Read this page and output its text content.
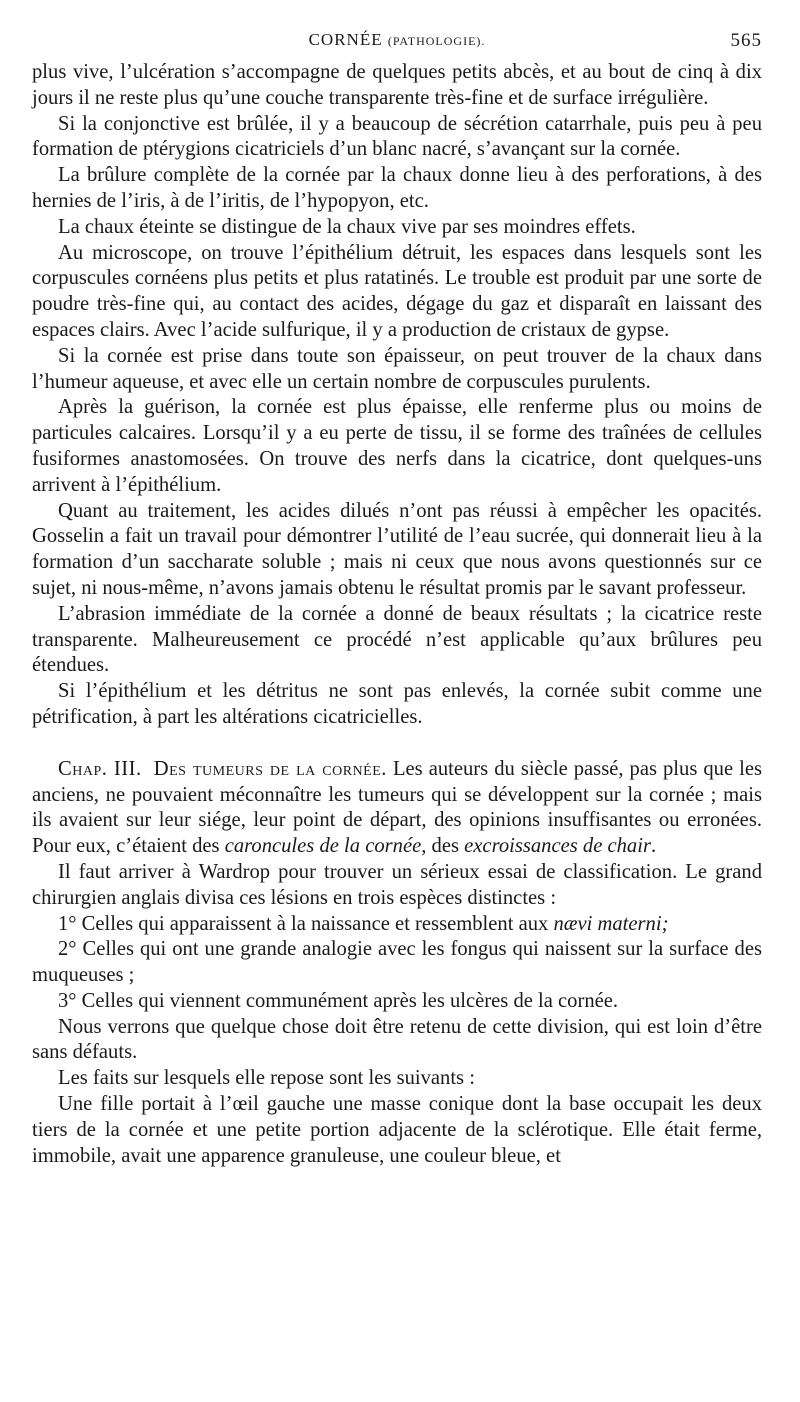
CORNÉE (PATHOLOGIE).	565

plus vive, l’ulcération s’accompagne de quelques petits abcès, et au bout de cinq à dix jours il ne reste plus qu’une couche transparente très-fine et de surface irrégulière.

Si la conjonctive est brûlée, il y a beaucoup de sécrétion catarrhale, puis peu à peu formation de ptérygions cicatriciels d’un blanc nacré, s’avançant sur la cornée.

La brûlure complète de la cornée par la chaux donne lieu à des perforations, à des hernies de l’iris, à de l’iritis, de l’hypopyon, etc.

La chaux éteinte se distingue de la chaux vive par ses moindres effets.

Au microscope, on trouve l’épithélium détruit, les espaces dans lesquels sont les corpuscules cornéens plus petits et plus ratatinés. Le trouble est produit par une sorte de poudre très-fine qui, au contact des acides, dégage du gaz et disparaît en laissant des espaces clairs. Avec l’acide sulfurique, il y a production de cristaux de gypse.

Si la cornée est prise dans toute son épaisseur, on peut trouver de la chaux dans l’humeur aqueuse, et avec elle un certain nombre de corpuscules purulents.

Après la guérison, la cornée est plus épaisse, elle renferme plus ou moins de particules calcaires. Lorsqu’il y a eu perte de tissu, il se forme des traînées de cellules fusiformes anastomosées. On trouve des nerfs dans la cicatrice, dont quelques-uns arrivent à l’épithélium.

Quant au traitement, les acides dilués n’ont pas réussi à empêcher les opacités. Gosselin a fait un travail pour démontrer l’utilité de l’eau sucrée, qui donnerait lieu à la formation d’un saccharate soluble ; mais ni ceux que nous avons questionnés sur ce sujet, ni nous-même, n’avons jamais obtenu le résultat promis par le savant professeur.

L’abrasion immédiate de la cornée a donné de beaux résultats ; la cicatrice reste transparente. Malheureusement ce procédé n’est applicable qu’aux brûlures peu étendues.

Si l’épithélium et les détritus ne sont pas enlevés, la cornée subit comme une pétrification, à part les altérations cicatricielles.

Chap. III. Des tumeurs de la cornée. Les auteurs du siècle passé, pas plus que les anciens, ne pouvaient méconnaître les tumeurs qui se développent sur la cornée ; mais ils avaient sur leur siége, leur point de départ, des opinions insuffisantes ou erronées. Pour eux, c’étaient des caroncules de la cornée, des excroissances de chair.

Il faut arriver à Wardrop pour trouver un sérieux essai de classification. Le grand chirurgien anglais divisa ces lésions en trois espèces distinctes :

1° Celles qui apparaissent à la naissance et ressemblent aux nævi materni;

2° Celles qui ont une grande analogie avec les fongus qui naissent sur la surface des muqueuses ;

3° Celles qui viennent communément après les ulcères de la cornée.

Nous verrons que quelque chose doit être retenu de cette division, qui est loin d’être sans défauts.

Les faits sur lesquels elle repose sont les suivants :

Une fille portait à l’œil gauche une masse conique dont la base occupait les deux tiers de la cornée et une petite portion adjacente de la sclérotique. Elle était ferme, immobile, avait une apparence granuleuse, une couleur bleue, et
